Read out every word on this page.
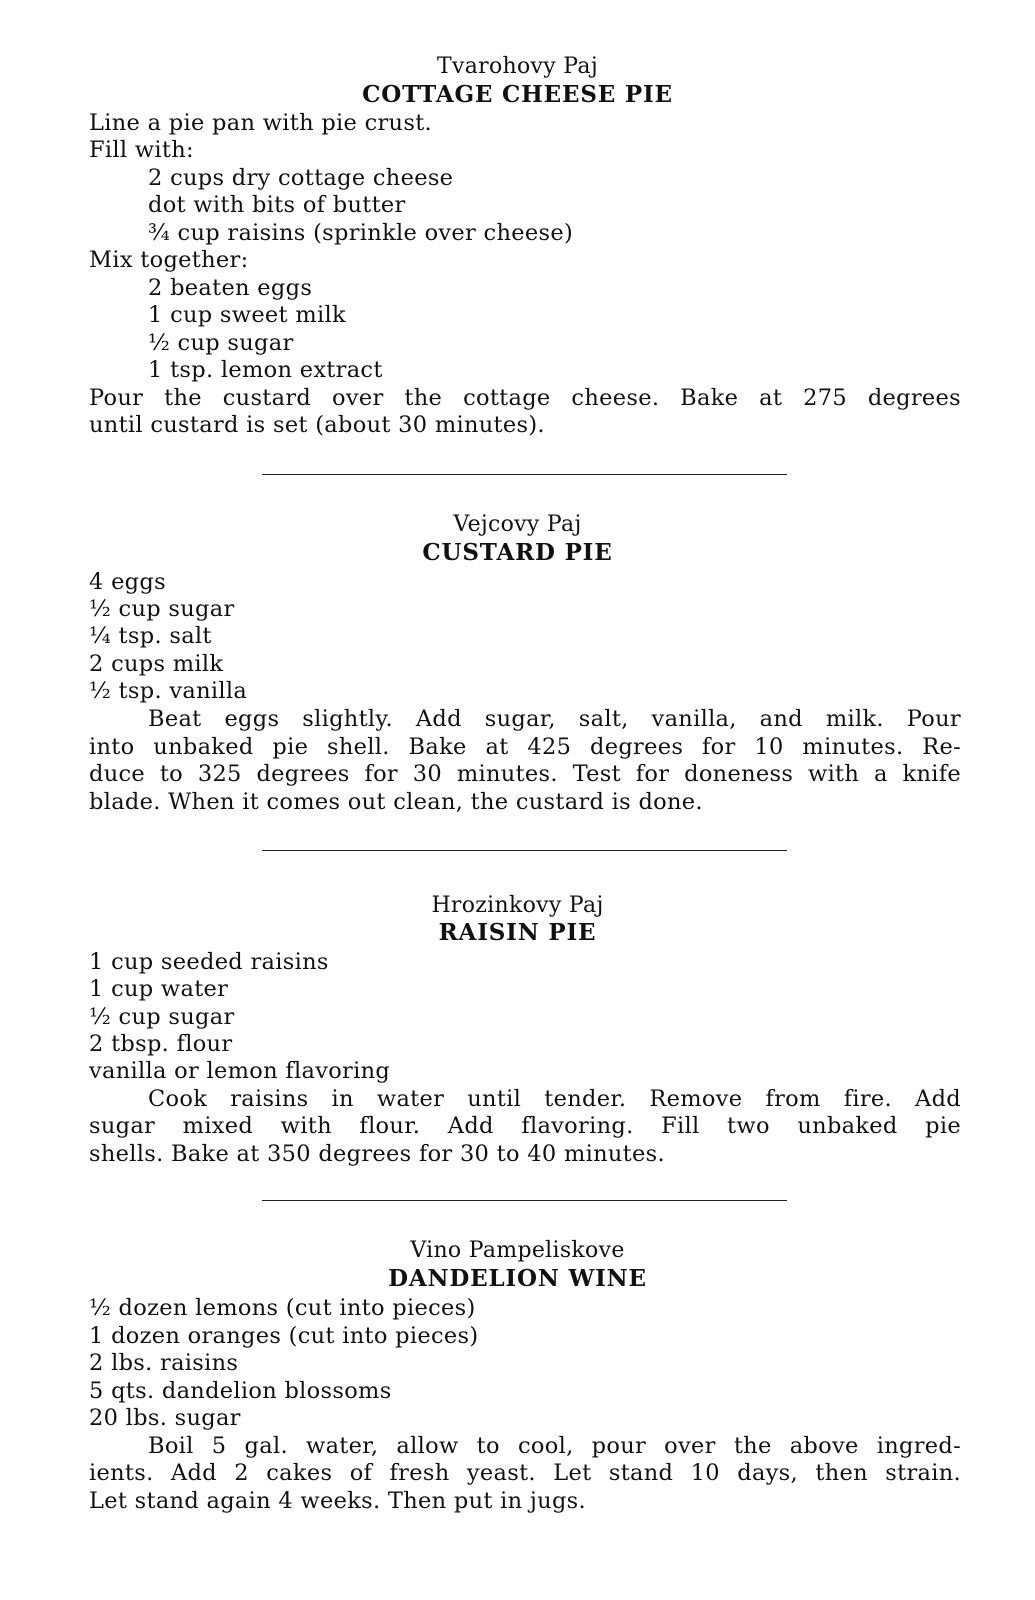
Tvarohovy Paj
COTTAGE CHEESE PIE
Line a pie pan with pie crust.
Fill with:
2 cups dry cottage cheese
dot with bits of butter
¾ cup raisins (sprinkle over cheese)
Mix together:
2 beaten eggs
1 cup sweet milk
½ cup sugar
1 tsp. lemon extract
Pour the custard over the cottage cheese. Bake at 275 degrees
until custard is set (about 30 minutes).
Vejcovy Paj
CUSTARD PIE
4 eggs
½ cup sugar
¼ tsp. salt
2 cups milk
½ tsp. vanilla
Beat eggs slightly. Add sugar, salt, vanilla, and milk. Pour
into unbaked pie shell. Bake at 425 degrees for 10 minutes. Re-
duce to 325 degrees for 30 minutes. Test for doneness with a knife
blade. When it comes out clean, the custard is done.
Hrozinkovy Paj
RAISIN PIE
1 cup seeded raisins
1 cup water
½ cup sugar
2 tbsp. flour
vanilla or lemon flavoring
Cook raisins in water until tender. Remove from fire. Add
sugar mixed with flour. Add flavoring. Fill two unbaked pie
shells. Bake at 350 degrees for 30 to 40 minutes.
Vino Pampeliskove
DANDELION WINE
½ dozen lemons (cut into pieces)
1 dozen oranges (cut into pieces)
2 lbs. raisins
5 qts. dandelion blossoms
20 lbs. sugar
Boil 5 gal. water, allow to cool, pour over the above ingred-
ients. Add 2 cakes of fresh yeast. Let stand 10 days, then strain.
Let stand again 4 weeks. Then put in jugs.
